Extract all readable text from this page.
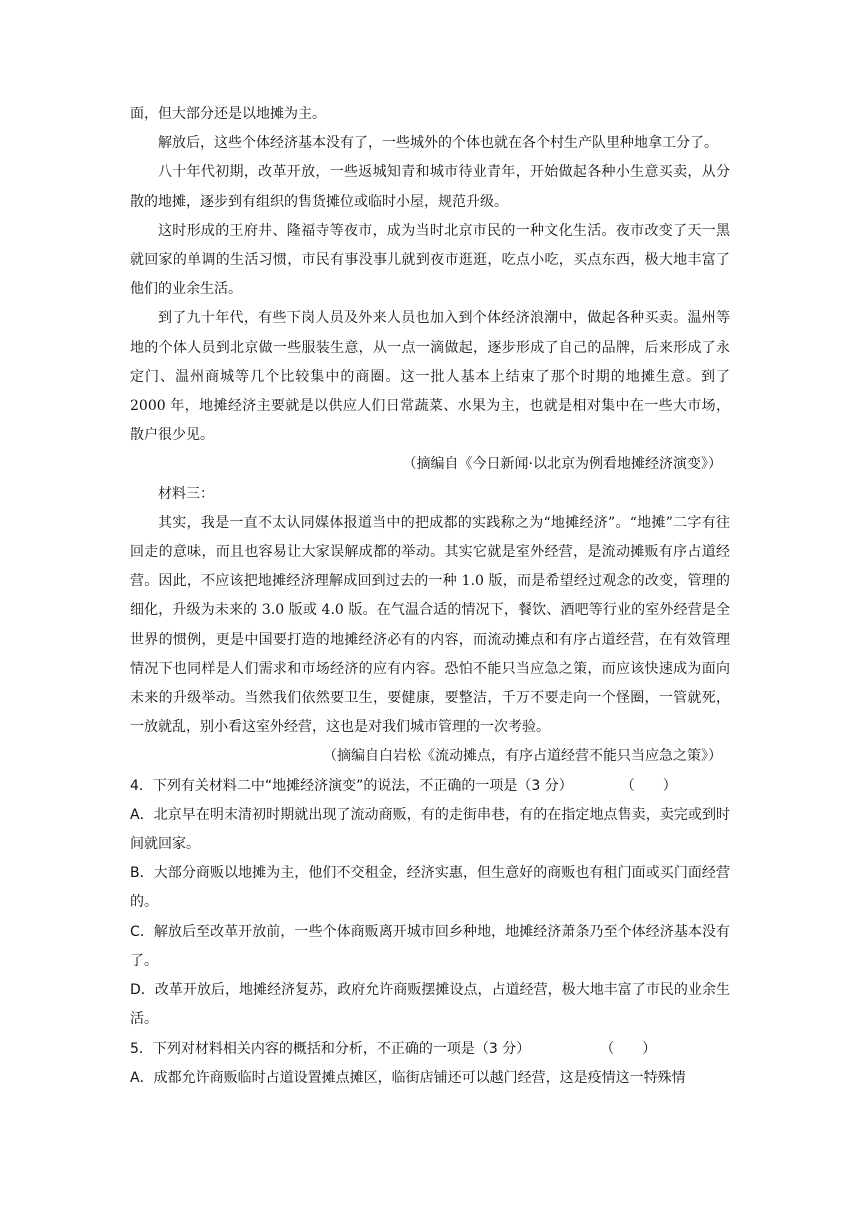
面，但大部分还是以地摊为主。

解放后，这些个体经济基本没有了，一些城外的个体也就在各个村生产队里种地拿工分了。

八十年代初期，改革开放，一些返城知青和城市待业青年，开始做起各种小生意买卖，从分散的地摊，逐步到有组织的售货摊位或临时小屋，规范升级。

这时形成的王府井、隆福寺等夜市，成为当时北京市民的一种文化生活。夜市改变了天一黑就回家的单调的生活习惯，市民有事没事儿就到夜市逛逛，吃点小吃，买点东西，极大地丰富了他们的业余生活。

到了九十年代，有些下岗人员及外来人员也加入到个体经济浪潮中，做起各种买卖。温州等地的个体人员到北京做一些服装生意，从一点一滴做起，逐步形成了自己的品牌，后来形成了永定门、温州商城等几个比较集中的商圈。这一批人基本上结束了那个时期的地摊生意。到了 2000 年，地摊经济主要就是以供应人们日常蔬菜、水果为主，也就是相对集中在一些大市场，散户很少见。

（摘编自《今日新闻·以北京为例看地摊经济演变》）

材料三：

其实，我是一直不太认同媒体报道当中的把成都的实践称之为“地摊经济”。“地摊”二字有往回走的意味，而且也容易让大家误解成都的举动。其实它就是室外经营，是流动摊贩有序占道经营。因此，不应该把地摊经济理解成回到过去的一种 1.0 版，而是希望经过观念的改变，管理的细化，升级为未来的 3.0 版或 4.0 版。在气温合适的情况下，餐饮、酒吧等行业的室外经营是全世界的惯例，更是中国要打造的地摊经济必有的内容，而流动摊点和有序占道经营，在有效管理情况下也同样是人们需求和市场经济的应有内容。恐怕不能只当应急之策，而应该快速成为面向未来的升级举动。当然我们依然要卫生，要健康，要整洁，千万不要走向一个怪圈，一管就死，一放就乱，别小看这室外经营，这也是对我们城市管理的一次考验。

（摘编自白岩松《流动摊点，有序占道经营不能只当应急之策》）

4．下列有关材料二中“地摊经济演变”的说法，不正确的一项是（3 分）	（　　）

A．北京早在明末清初时期就出现了流动商贩，有的走街串巷，有的在指定地点售卖，卖完或到时间就回家。

B．大部分商贩以地摊为主，他们不交租金，经济实惠，但生意好的商贩也有租门面或买门面经营的。

C．解放后至改革开放前，一些个体商贩离开城市回乡种地，地摊经济萧条乃至个体经济基本没有了。

D．改革开放后，地摊经济复苏，政府允许商贩摆摊设点，占道经营，极大地丰富了市民的业余生活。

5．下列对材料相关内容的概括和分析，不正确的一项是（3 分）	（　　）

A．成都允许商贩临时占道设置摊点摊区，临街店铺还可以越门经营，这是疫情这一特殊情
